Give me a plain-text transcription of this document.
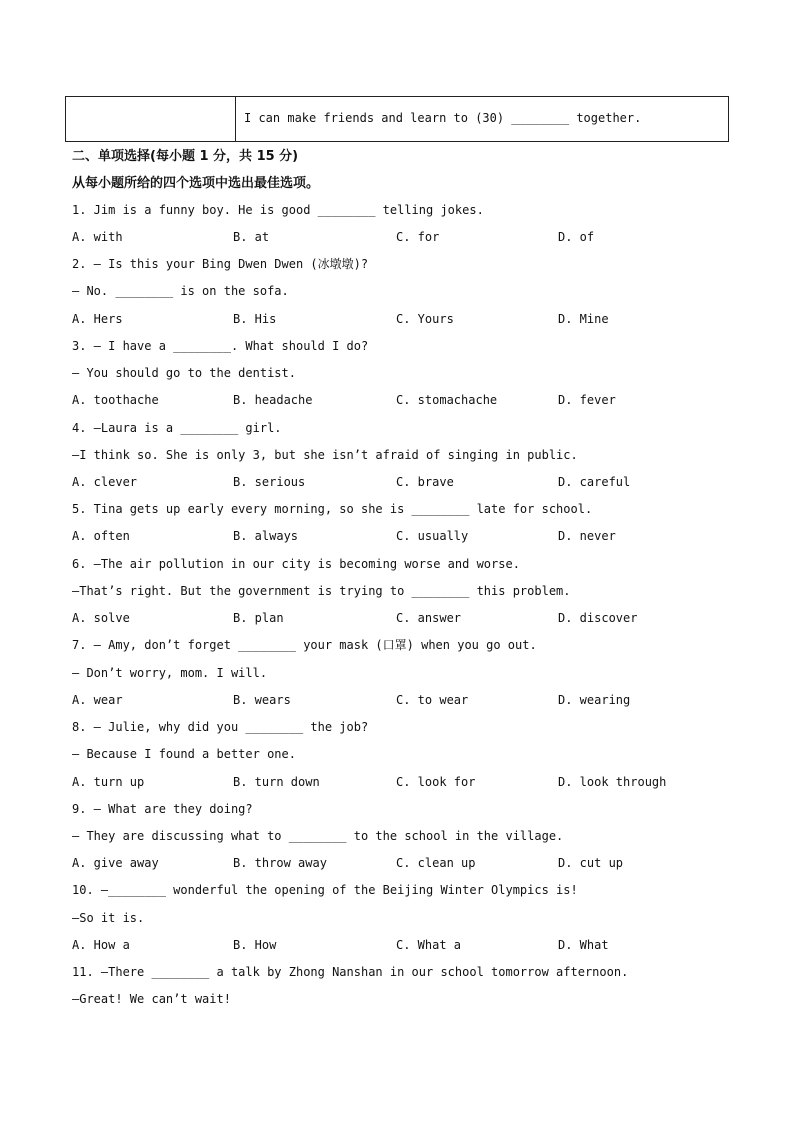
I can make friends and learn to (30) ________ together.
二、单项选择(每小题 1 分，共 15 分)
从每小题所给的四个选项中选出最佳选项。
1. Jim is a funny boy. He is good ________ telling jokes.
A. with	B. at	C. for	D. of
2. — Is this your Bing Dwen Dwen (冰墩墩)?
— No. ________ is on the sofa.
A. Hers	B. His	C. Yours	D. Mine
3. — I have a ________. What should I do?
— You should go to the dentist.
A. toothache	B. headache	C. stomachache	D. fever
4. —Laura is a ________ girl.
—I think so. She is only 3, but she isn’t afraid of singing in public.
A. clever	B. serious	C. brave	D. careful
5. Tina gets up early every morning, so she is ________ late for school.
A. often	B. always	C. usually	D. never
6. —The air pollution in our city is becoming worse and worse.
—That’s right. But the government is trying to ________ this problem.
A. solve	B. plan	C. answer	D. discover
7. — Amy, don’t forget ________ your mask (口罩) when you go out.
— Don’t worry, mom. I will.
A. wear	B. wears	C. to wear	D. wearing
8. — Julie, why did you ________ the job?
— Because I found a better one.
A. turn up	B. turn down	C. look for	D. look through
9. — What are they doing?
— They are discussing what to ________ to the school in the village.
A. give away	B. throw away	C. clean up	D. cut up
10. —________ wonderful the opening of the Beijing Winter Olympics is!
—So it is.
A. How a	B. How	C. What a	D. What
11. —There ________ a talk by Zhong Nanshan in our school tomorrow afternoon.
—Great! We can’t wait!
